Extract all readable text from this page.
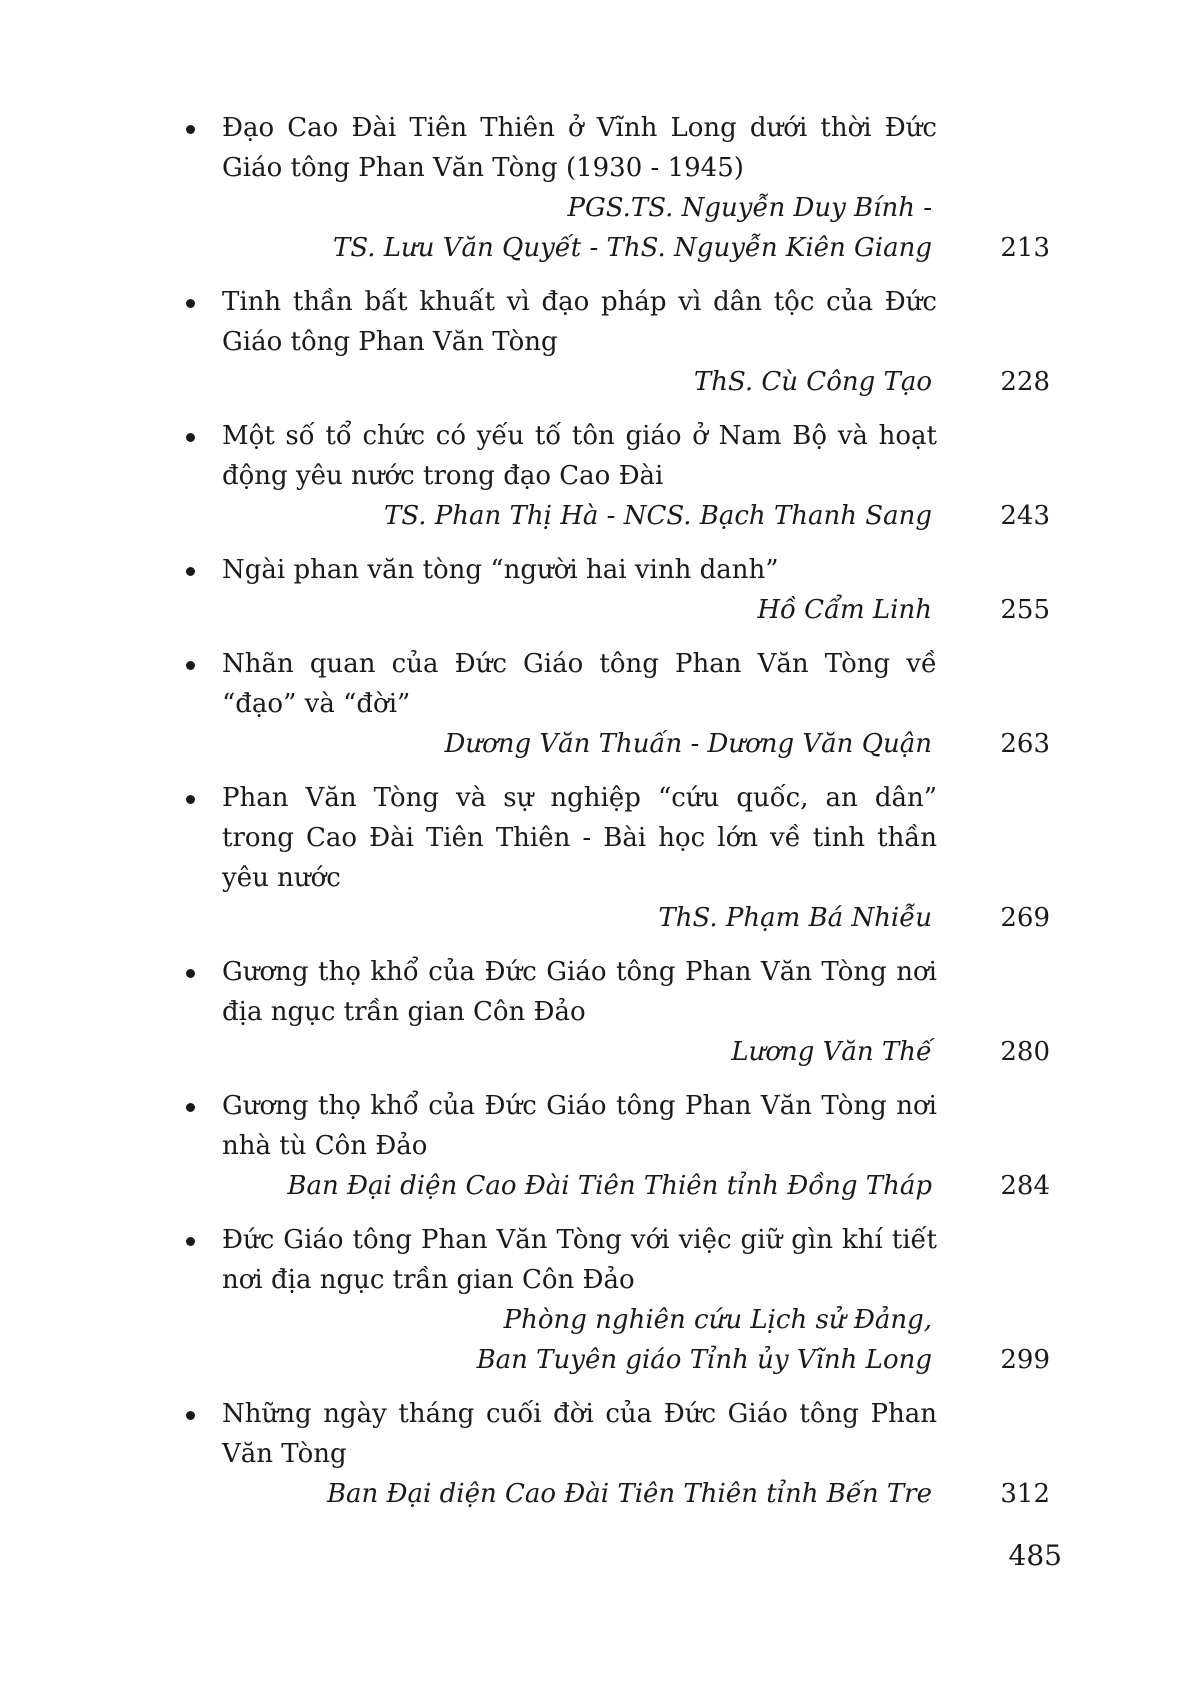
Đạo Cao Đài Tiên Thiên ở Vĩnh Long dưới thời Đức Giáo tông Phan Văn Tòng (1930 - 1945)
PGS.TS. Nguyễn Duy Bính -
TS. Lưu Văn Quyết - ThS. Nguyễn Kiên Giang	213
Tinh thần bất khuất vì đạo pháp vì dân tộc của Đức Giáo tông Phan Văn Tòng
ThS. Cù Công Tạo	228
Một số tổ chức có yếu tố tôn giáo ở Nam Bộ và hoạt động yêu nước trong đạo Cao Đài
TS. Phan Thị Hà - NCS. Bạch Thanh Sang	243
Ngài phan văn tòng “người hai vinh danh”
Hồ Cẩm Linh	255
Nhãn quan của Đức Giáo tông Phan Văn Tòng về “đạo” và “đời”
Dương Văn Thuấn - Dương Văn Quận	263
Phan Văn Tòng và sự nghiệp “cứu quốc, an dân” trong Cao Đài Tiên Thiên - Bài học lớn về tinh thần yêu nước
ThS. Phạm Bá Nhiễu	269
Gương thọ khổ của Đức Giáo tông Phan Văn Tòng nơi địa ngục trần gian Côn Đảo
Lương Văn Thế	280
Gương thọ khổ của Đức Giáo tông Phan Văn Tòng nơi nhà tù Côn Đảo
Ban Đại diện Cao Đài Tiên Thiên tỉnh Đồng Tháp	284
Đức Giáo tông Phan Văn Tòng với việc giữ gìn khí tiết nơi địa ngục trần gian Côn Đảo
Phòng nghiên cứu Lịch sử Đảng,
Ban Tuyên giáo Tỉnh ủy Vĩnh Long	299
Những ngày tháng cuối đời của Đức Giáo tông Phan Văn Tòng
Ban Đại diện Cao Đài Tiên Thiên tỉnh Bến Tre	312
485
